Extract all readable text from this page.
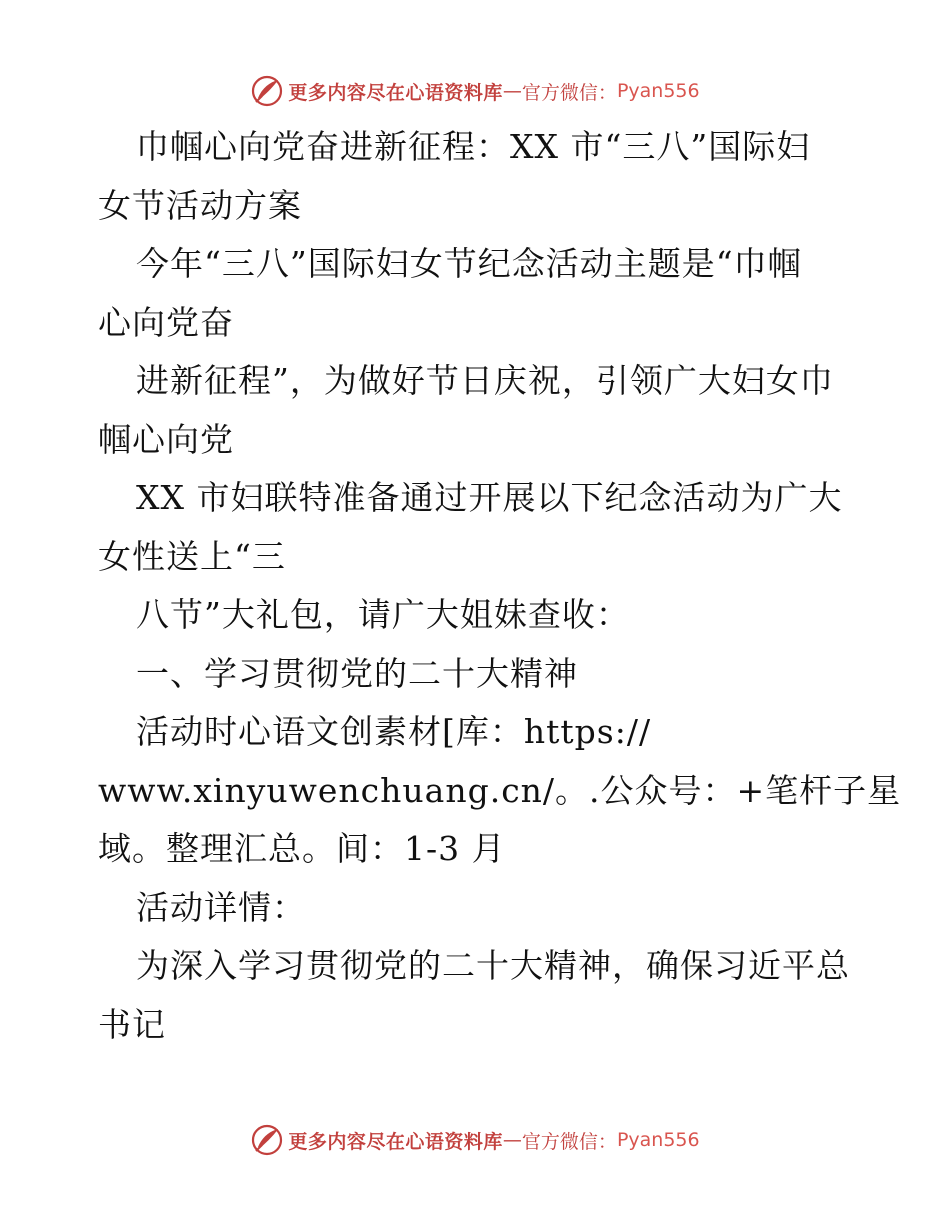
更多内容尽在心语资料库 — 官方微信： Pyan556
巾帼心向党奋进新征程：XX 市“三八”国际妇
女节活动方案
今年“三八”国际妇女节纪念活动主题是“巾帼
心向党奋
进新征程”，为做好节日庆祝，引领广大妇女巾
帼心向党
XX 市妇联特准备通过开展以下纪念活动为广大
女性送上“三
八节”大礼包，请广大姐妹查收：
一、学习贯彻党的二十大精神
活动时心语文创素材[库：https://
www.xinyuwenchuang.cn/。.公众号：+笔杆子星
域。整理汇总。间：1-3 月
活动详情：
为深入学习贯彻党的二十大精神，确保习近平总
书记
更多内容尽在心语资料库 — 官方微信： Pyan556
